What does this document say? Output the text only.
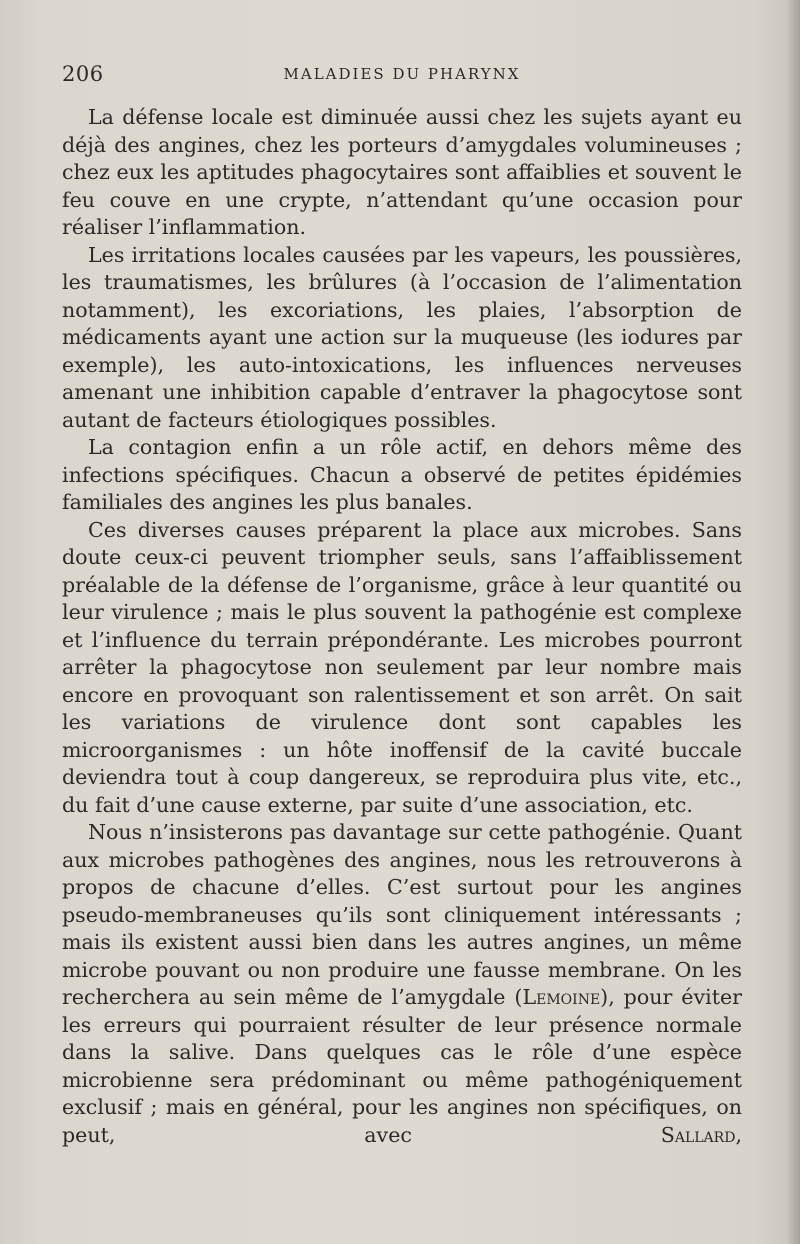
206	MALADIES DU PHARYNX

La défense locale est diminuée aussi chez les sujets ayant eu déjà des angines, chez les porteurs d’amygdales volumineuses ; chez eux les aptitudes phagocytaires sont affaiblies et souvent le feu couve en une crypte, n’attendant qu’une occasion pour réaliser l’inflammation.

Les irritations locales causées par les vapeurs, les poussières, les traumatismes, les brûlures (à l’occasion de l’alimentation notamment), les excoriations, les plaies, l’absorption de médicaments ayant une action sur la muqueuse (les iodures par exemple), les auto-intoxications, les influences nerveuses amenant une inhibition capable d’entraver la phagocytose sont autant de facteurs étiologiques possibles.

La contagion enfin a un rôle actif, en dehors même des infections spécifiques. Chacun a observé de petites épidémies familiales des angines les plus banales.

Ces diverses causes préparent la place aux microbes. Sans doute ceux-ci peuvent triompher seuls, sans l’affaiblissement préalable de la défense de l’organisme, grâce à leur quantité ou leur virulence ; mais le plus souvent la pathogénie est complexe et l’influence du terrain prépondérante. Les microbes pourront arrêter la phagocytose non seulement par leur nombre mais encore en provoquant son ralentissement et son arrêt. On sait les variations de virulence dont sont capables les microorganismes : un hôte inoffensif de la cavité buccale deviendra tout à coup dangereux, se reproduira plus vite, etc., du fait d’une cause externe, par suite d’une association, etc.

Nous n’insisterons pas davantage sur cette pathogénie. Quant aux microbes pathogènes des angines, nous les retrouverons à propos de chacune d’elles. C’est surtout pour les angines pseudo-membraneuses qu’ils sont cliniquement intéressants ; mais ils existent aussi bien dans les autres angines, un même microbe pouvant ou non produire une fausse membrane. On les recherchera au sein même de l’amygdale (Lemoine), pour éviter les erreurs qui pourraient résulter de leur présence normale dans la salive. Dans quelques cas le rôle d’une espèce microbienne sera prédominant ou même pathogéniquement exclusif ; mais en général, pour les angines non spécifiques, on peut, avec Sallard,
